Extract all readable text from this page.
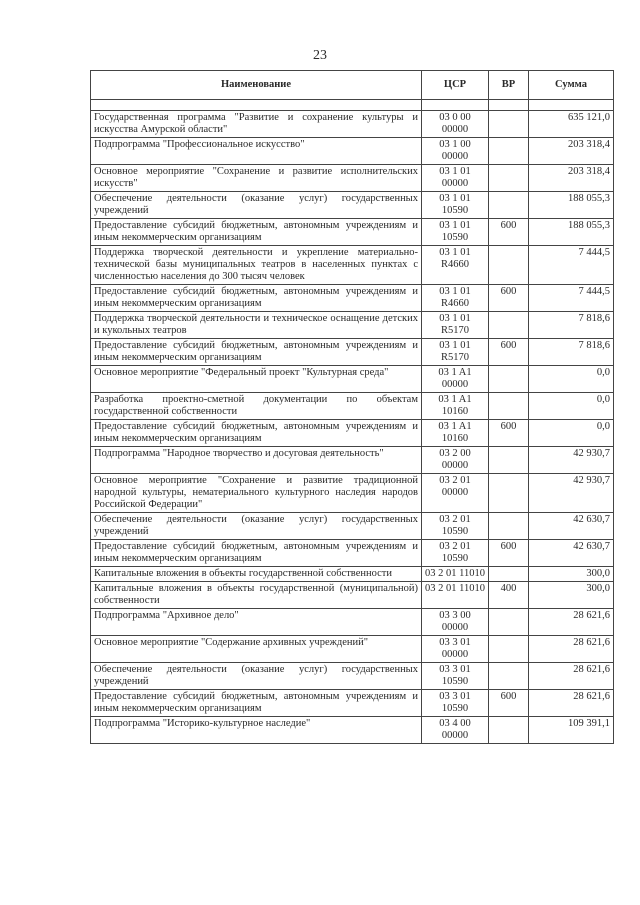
23
Наименование	ЦСР	ВР	Сумма

Государственная программа "Развитие и сохранение культуры и искусства Амурской области"	03 0 00 00000		635 121,0
Подпрограмма "Профессиональное искусство"	03 1 00 00000		203 318,4
Основное мероприятие "Сохранение и развитие исполнительских искусств"	03 1 01 00000		203 318,4
Обеспечение деятельности (оказание услуг) государственных учреждений	03 1 01 10590		188 055,3
Предоставление субсидий бюджетным, автономным учреждениям и иным некоммерческим организациям	03 1 01 10590	600	188 055,3
Поддержка творческой деятельности и укрепление материально-технической базы муниципальных театров в населенных пунктах с численностью населения до 300 тысяч человек	03 1 01 R4660		7 444,5
Предоставление субсидий бюджетным, автономным учреждениям и иным некоммерческим организациям	03 1 01 R4660	600	7 444,5
Поддержка творческой деятельности и техническое оснащение детских и кукольных театров	03 1 01 R5170		7 818,6
Предоставление субсидий бюджетным, автономным учреждениям и иным некоммерческим организациям	03 1 01 R5170	600	7 818,6
Основное мероприятие "Федеральный проект "Культурная среда"	03 1 A1 00000		0,0
Разработка проектно-сметной документации по объектам государственной собственности	03 1 A1 10160		0,0
Предоставление субсидий бюджетным, автономным учреждениям и иным некоммерческим организациям	03 1 A1 10160	600	0,0
Подпрограмма "Народное творчество и досуговая деятельность"	03 2 00 00000		42 930,7
Основное мероприятие "Сохранение и развитие традиционной народной культуры, нематериального культурного наследия народов Российской Федерации"	03 2 01 00000		42 930,7
Обеспечение деятельности (оказание услуг) государственных учреждений	03 2 01 10590		42 630,7
Предоставление субсидий бюджетным, автономным учреждениям и иным некоммерческим организациям	03 2 01 10590	600	42 630,7
Капитальные вложения в объекты государственной собственности	03 2 01 11010		300,0
Капитальные вложения в объекты государственной (муниципальной) собственности	03 2 01 11010	400	300,0
Подпрограмма "Архивное дело"	03 3 00 00000		28 621,6
Основное мероприятие "Содержание архивных учреждений"	03 3 01 00000		28 621,6
Обеспечение деятельности (оказание услуг) государственных учреждений	03 3 01 10590		28 621,6
Предоставление субсидий бюджетным, автономным учреждениям и иным некоммерческим организациям	03 3 01 10590	600	28 621,6
Подпрограмма "Историко-культурное наследие"	03 4 00 00000		109 391,1
